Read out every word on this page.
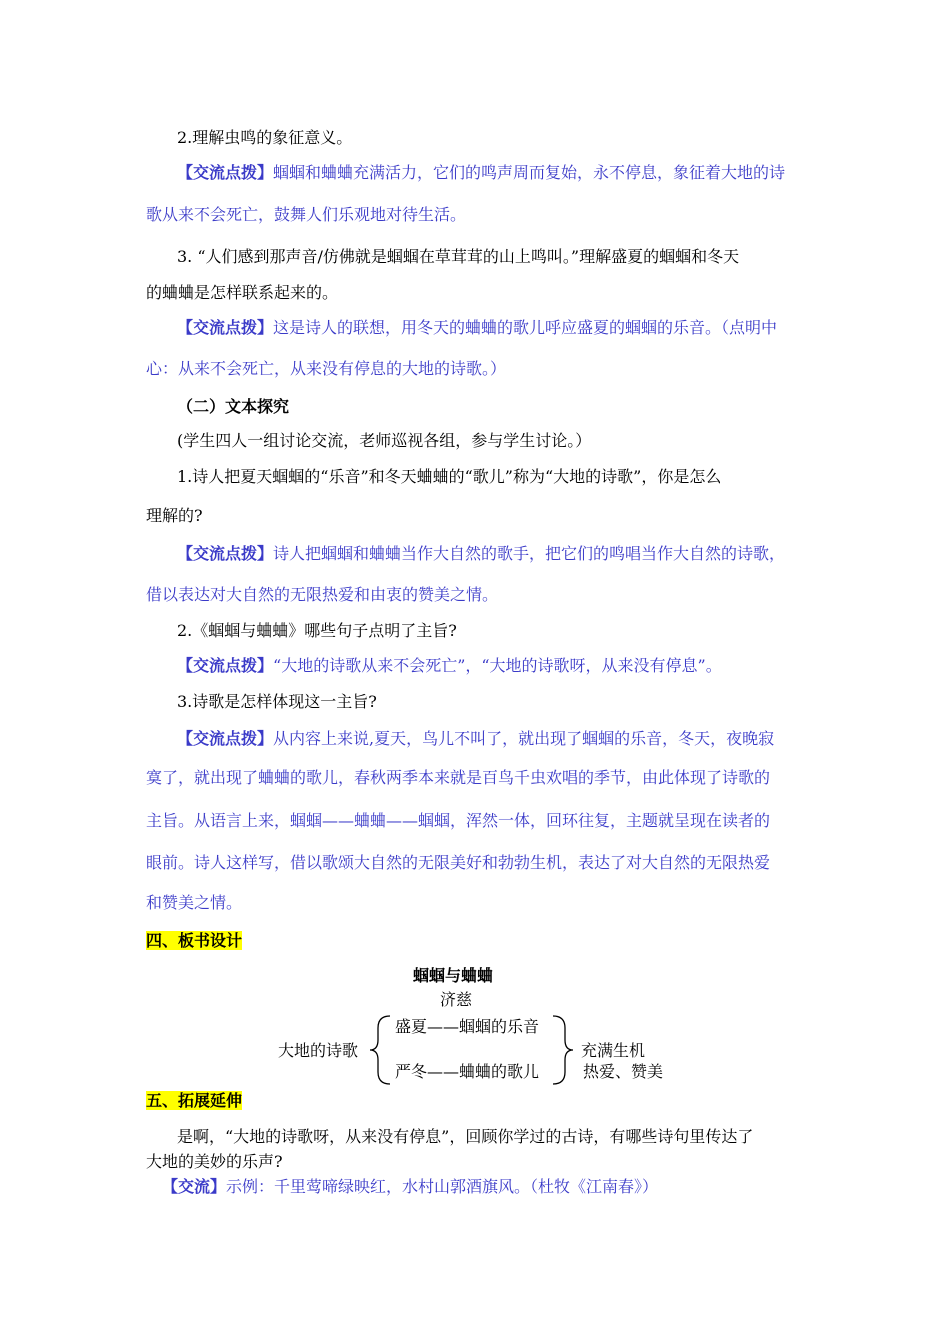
2.理解虫鸣的象征意义。
【交流点拨】蝈蝈和蛐蛐充满活力，它们的鸣声周而复始，永不停息，象征着大地的诗
歌从来不会死亡，鼓舞人们乐观地对待生活。
3. “人们感到那声音/仿佛就是蝈蝈在草茸茸的山上鸣叫。”理解盛夏的蝈蝈和冬天
的蛐蛐是怎样联系起来的。
【交流点拨】这是诗人的联想，用冬天的蛐蛐的歌儿呼应盛夏的蝈蝈的乐音。（点明中
心：从来不会死亡，从来没有停息的大地的诗歌。）
（二）文本探究
(学生四人一组讨论交流，老师巡视各组，参与学生讨论。）
1.诗人把夏天蝈蝈的“乐音”和冬天蛐蛐的“歌儿”称为“大地的诗歌”，你是怎么
理解的?
【交流点拨】诗人把蝈蝈和蛐蛐当作大自然的歌手，把它们的鸣唱当作大自然的诗歌，
借以表达对大自然的无限热爱和由衷的赞美之情。
2.《蝈蝈与蛐蛐》哪些句子点明了主旨?
【交流点拨】“大地的诗歌从来不会死亡”，“大地的诗歌呀，从来没有停息”。
3.诗歌是怎样体现这一主旨?
【交流点拨】从内容上来说,夏天，鸟儿不叫了，就出现了蝈蝈的乐音，冬天，夜晚寂
寞了，就出现了蛐蛐的歌儿，春秋两季本来就是百鸟千虫欢唱的季节，由此体现了诗歌的
主旨。从语言上来，蝈蝈——蛐蛐——蝈蝈，浑然一体，回环往复，主题就呈现在读者的
眼前。诗人这样写，借以歌颂大自然的无限美好和勃勃生机，表达了对大自然的无限热爱
和赞美之情。
四、板书设计
蝈蝈与蛐蛐
济慈
大地的诗歌
盛夏——蝈蝈的乐音
严冬——蛐蛐的歌儿
充满生机
热爱、赞美
五、拓展延伸
是啊，“大地的诗歌呀，从来没有停息”，回顾你学过的古诗，有哪些诗句里传达了
大地的美妙的乐声?
【交流】示例：千里莺啼绿映红，水村山郭酒旗风。（杜牧《江南春》）
